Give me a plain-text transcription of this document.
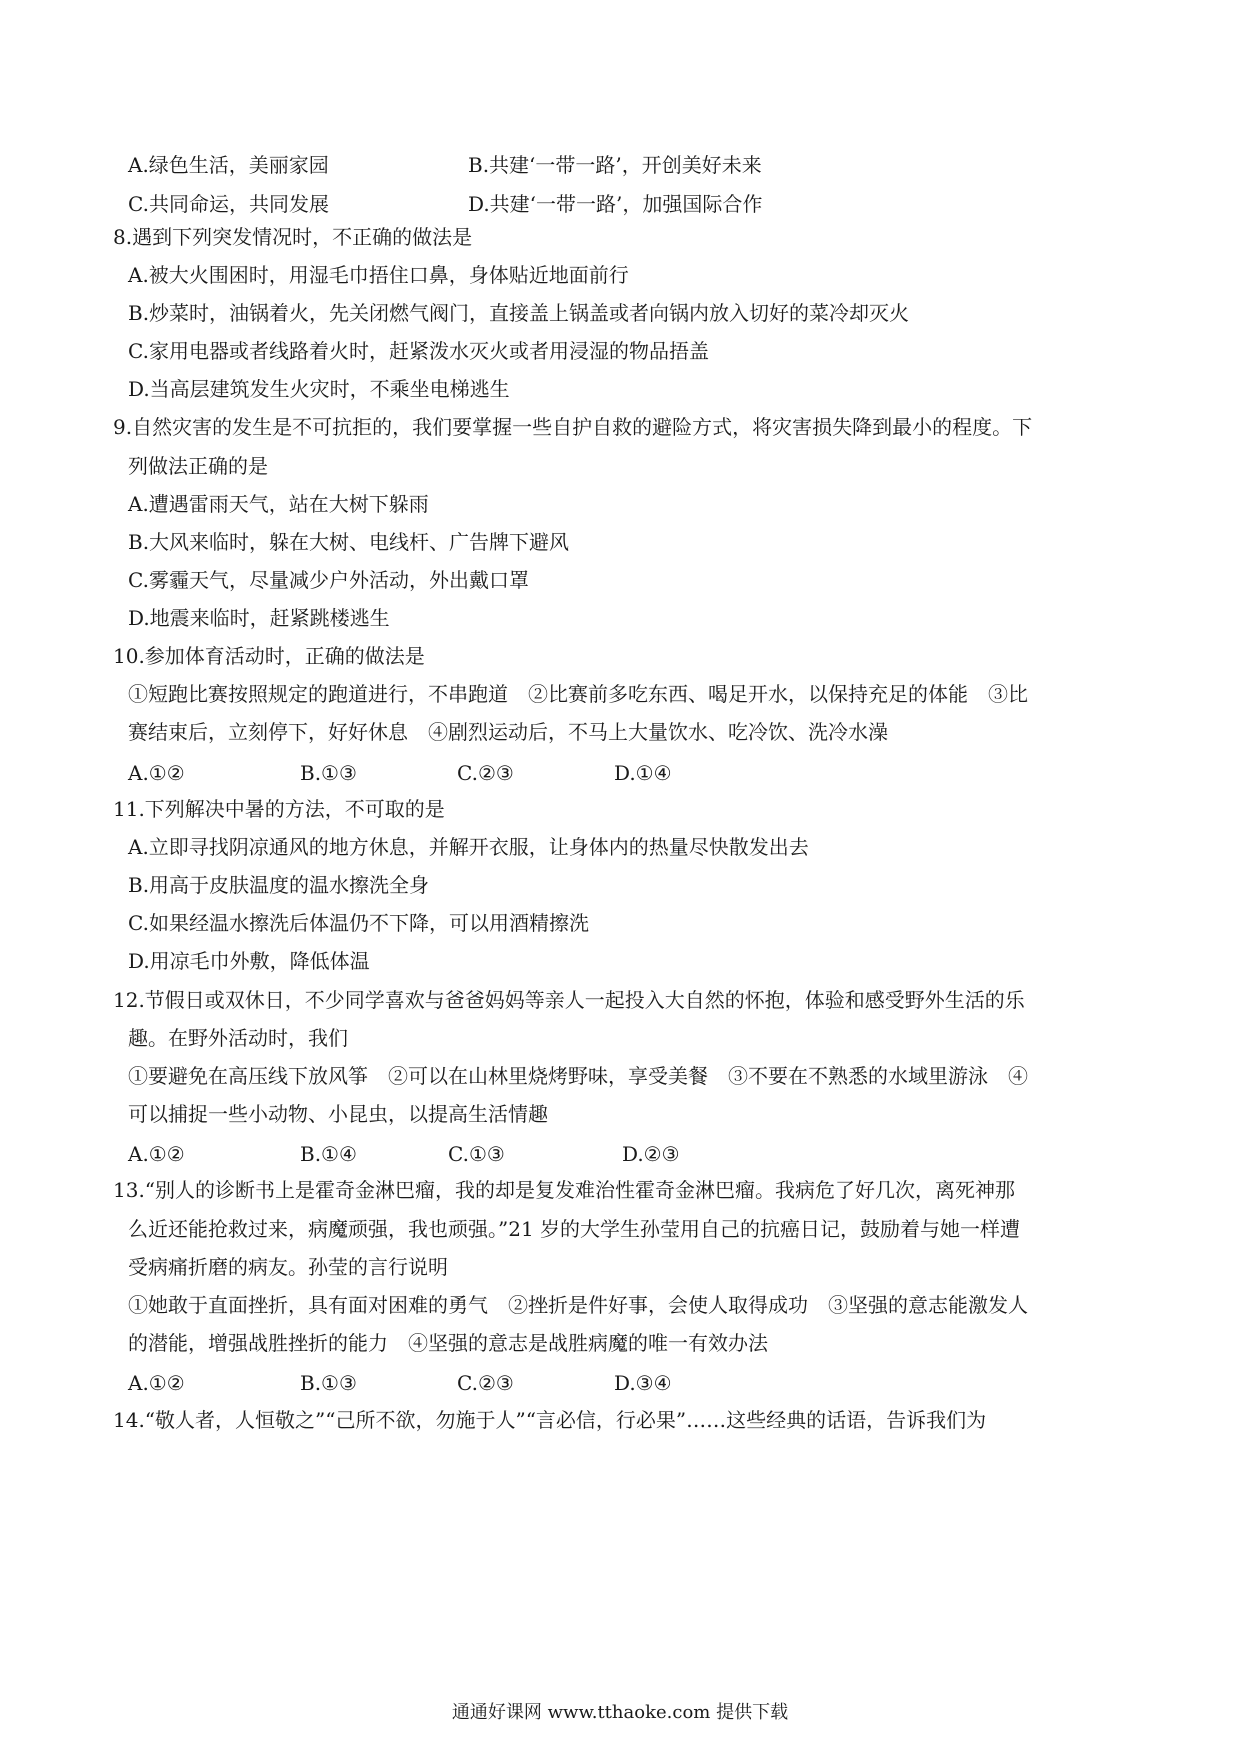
A.绿色生活，美丽家园	B.共建‘一带一路’，开创美好未来
C.共同命运，共同发展	D.共建‘一带一路’，加强国际合作
8.遇到下列突发情况时，不正确的做法是
A.被大火围困时，用湿毛巾捂住口鼻，身体贴近地面前行
B.炒菜时，油锅着火，先关闭燃气阀门，直接盖上锅盖或者向锅内放入切好的菜冷却灭火
C.家用电器或者线路着火时，赶紧泼水灭火或者用浸湿的物品捂盖
D.当高层建筑发生火灾时，不乘坐电梯逃生
9.自然灾害的发生是不可抗拒的，我们要掌握一些自护自救的避险方式，将灾害损失降到最小的程度。下
列做法正确的是
A.遭遇雷雨天气，站在大树下躲雨
B.大风来临时，躲在大树、电线杆、广告牌下避风
C.雾霾天气，尽量减少户外活动，外出戴口罩
D.地震来临时，赶紧跳楼逃生
10.参加体育活动时，正确的做法是
①短跑比赛按照规定的跑道进行，不串跑道　②比赛前多吃东西、喝足开水，以保持充足的体能　③比
赛结束后，立刻停下，好好休息　④剧烈运动后，不马上大量饮水、吃冷饮、洗冷水澡
A.①②	B.①③	C.②③	D.①④
11.下列解决中暑的方法，不可取的是
A.立即寻找阴凉通风的地方休息，并解开衣服，让身体内的热量尽快散发出去
B.用高于皮肤温度的温水擦洗全身
C.如果经温水擦洗后体温仍不下降，可以用酒精擦洗
D.用凉毛巾外敷，降低体温
12.节假日或双休日，不少同学喜欢与爸爸妈妈等亲人一起投入大自然的怀抱，体验和感受野外生活的乐
趣。在野外活动时，我们
①要避免在高压线下放风筝　②可以在山林里烧烤野味，享受美餐　③不要在不熟悉的水域里游泳　④
可以捕捉一些小动物、小昆虫，以提高生活情趣
A.①②	B.①④	C.①③	D.②③
13.“别人的诊断书上是霍奇金淋巴瘤，我的却是复发难治性霍奇金淋巴瘤。我病危了好几次，离死神那
么近还能抢救过来，病魔顽强，我也顽强。”21 岁的大学生孙莹用自己的抗癌日记，鼓励着与她一样遭
受病痛折磨的病友。孙莹的言行说明
①她敢于直面挫折，具有面对困难的勇气　②挫折是件好事，会使人取得成功　③坚强的意志能激发人
的潜能，增强战胜挫折的能力　④坚强的意志是战胜病魔的唯一有效办法
A.①②	B.①③	C.②③	D.③④
14.“敬人者，人恒敬之”“己所不欲，勿施于人”“言必信，行必果”……这些经典的话语，告诉我们为
通通好课网 www.tthaoke.com 提供下载
